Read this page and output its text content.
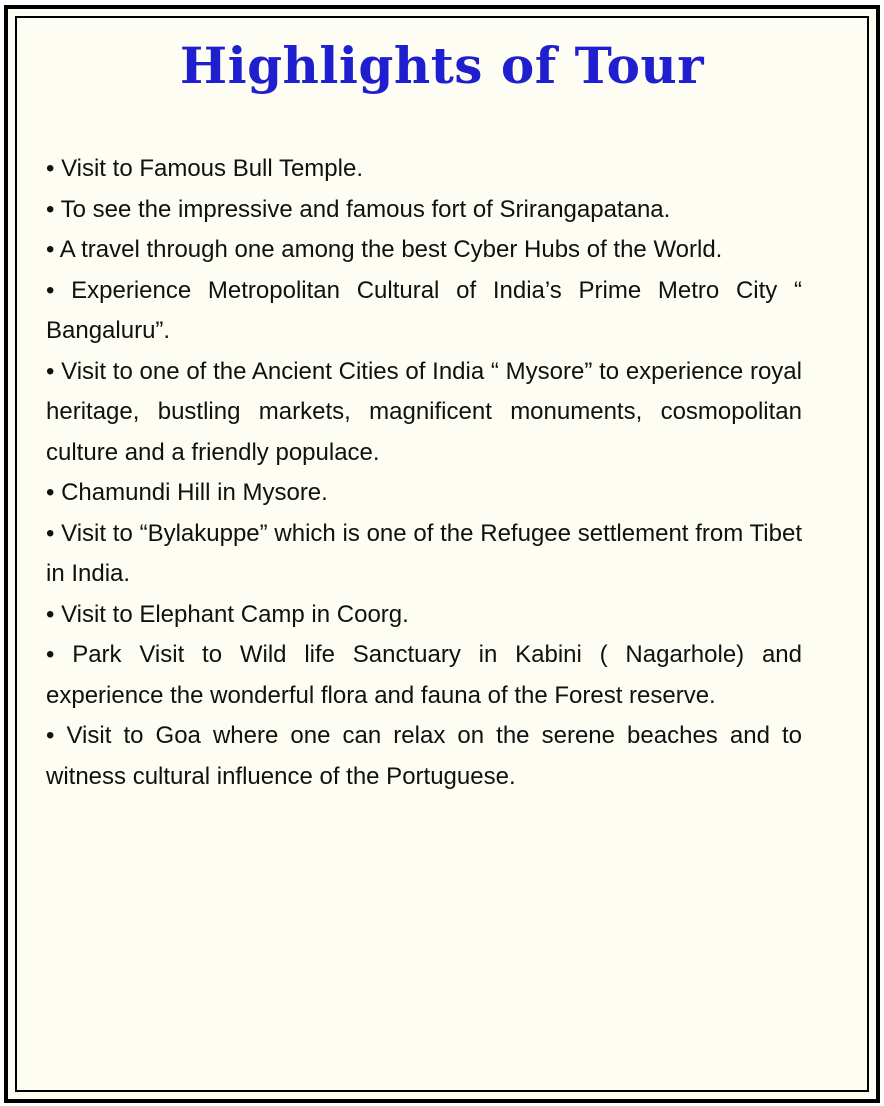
Highlights of Tour
• Visit to Famous Bull Temple.
• To see the impressive and famous fort of Srirangapatana.
• A travel through one among the best Cyber Hubs of the World.
• Experience Metropolitan Cultural of India’s Prime Metro City “ Bangaluru”.
• Visit to one of the Ancient Cities of India “ Mysore” to experience royal heritage, bustling markets, magnificent monuments, cosmopolitan culture and a friendly populace.
• Chamundi Hill in Mysore.
• Visit to “Bylakuppe” which is one of the Refugee settlement from Tibet in India.
• Visit to Elephant Camp in Coorg.
• Park Visit to Wild life Sanctuary in Kabini ( Nagarhole) and experience the wonderful flora and fauna of the Forest reserve.
• Visit to Goa where one can relax on the serene beaches and to witness cultural influence of the Portuguese.
